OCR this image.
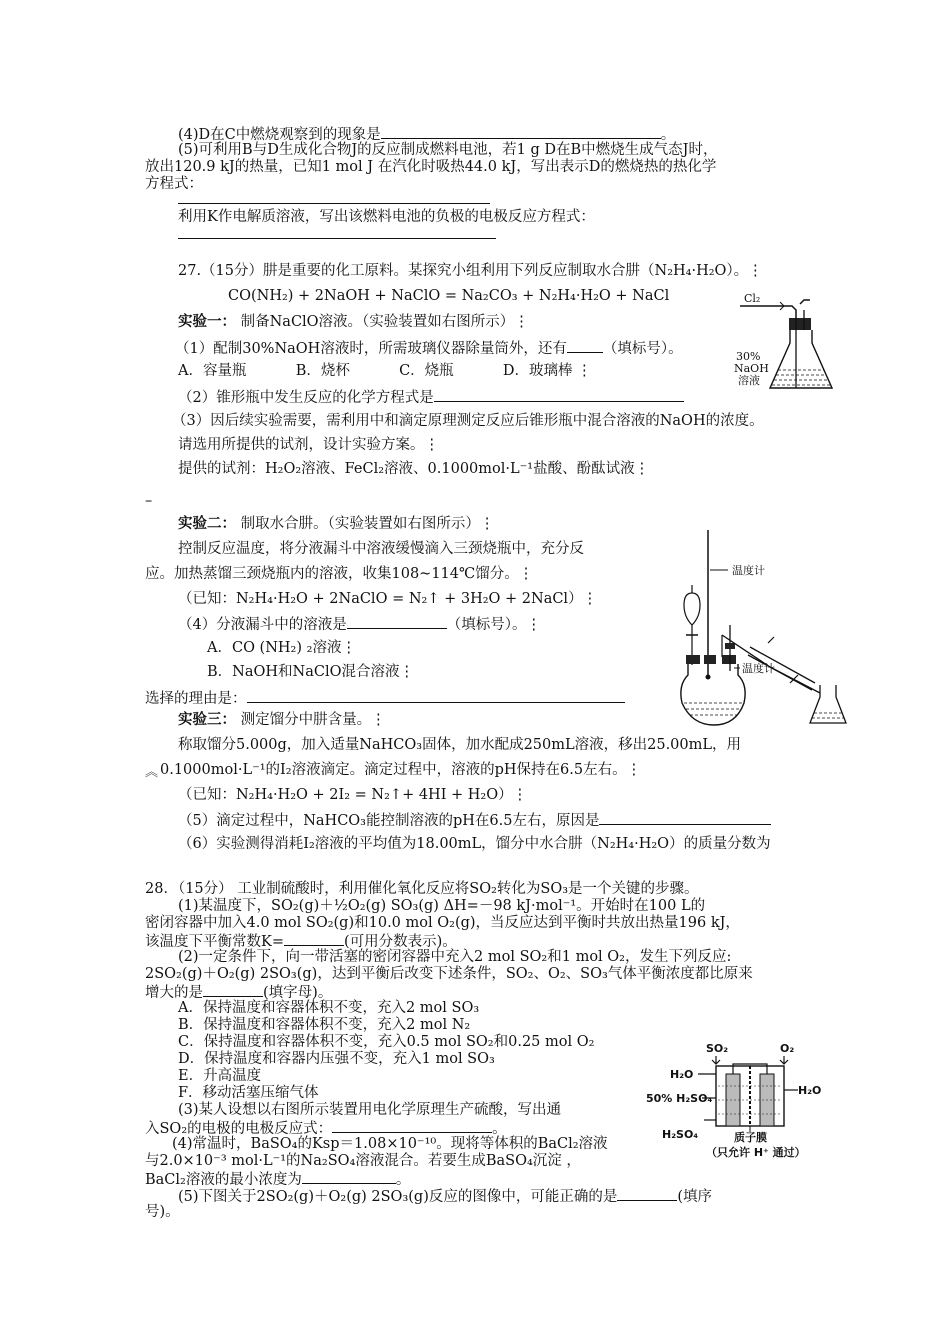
(4)D在C中燃烧观察到的现象是	。
(5)可利用B与D生成化合物J的反应制成燃料电池，若1 g D在B中燃烧生成气态J时，
放出120.9 kJ的热量，已知1 mol J 在汽化时吸热44.0 kJ，写出表示D的燃烧热的热化学
方程式：
利用K作电解质溶液，写出该燃料电池的负极的电极反应方程式：
27.（15分）肼是重要的化工原料。某探究小组利用下列反应制取水合肼（N₂H₄·H₂O）。⋮
CO(NH₂) + 2NaOH + NaClO = Na₂CO₃ + N₂H₄·H₂O + NaCl
实验一： 制备NaClO溶液。（实验装置如右图所示）⋮
（1）配制30%NaOH溶液时，所需玻璃仪器除量筒外，还有 （填标号）。
A．容量瓶	B．烧杯	C．烧瓶	D．玻璃棒 ⋮
（2）锥形瓶中发生反应的化学方程式是
（3）因后续实验需要，需利用中和滴定原理测定反应后锥形瓶中混合溶液的NaOH的浓度。
请选用所提供的试剂，设计实验方案。⋮
提供的试剂：H₂O₂溶液、FeCl₂溶液、0.1000mol·L⁻¹盐酸、酚酞试液⋮
–
实验二： 制取水合肼。（实验装置如右图所示）⋮
控制反应温度，将分液漏斗中溶液缓慢滴入三颈烧瓶中，充分反
应。加热蒸馏三颈烧瓶内的溶液，收集108~114℃馏分。⋮
（已知：N₂H₄·H₂O + 2NaClO = N₂↑ + 3H₂O + 2NaCl）⋮
（4）分液漏斗中的溶液是	（填标号）。⋮
A．CO (NH₂) ₂溶液⋮
B．NaOH和NaClO混合溶液⋮
选择的理由是：
实验三： 测定馏分中肼含量。⋮
称取馏分5.000g，加入适量NaHCO₃固体，加水配成250mL溶液，移出25.00mL，用
︽ 0.1000mol·L⁻¹的I₂溶液滴定。滴定过程中，溶液的pH保持在6.5左右。⋮
（已知：N₂H₄·H₂O + 2I₂ = N₂↑+ 4HI + H₂O）⋮
（5）滴定过程中，NaHCO₃能控制溶液的pH在6.5左右，原因是
（6）实验测得消耗I₂溶液的平均值为18.00mL，馏分中水合肼（N₂H₄·H₂O）的质量分数为
Cl₂
30%
NaOH
溶液
温度计
温度计
28．（15分） 工业制硫酸时，利用催化氧化反应将SO₂转化为SO₃是一个关键的步骤。
(1)某温度下，SO₂(g)＋½O₂(g) SO₃(g) ΔH=－98 kJ·mol⁻¹。开始时在100 L的
密闭容器中加入4.0 mol SO₂(g)和10.0 mol O₂(g)，当反应达到平衡时共放出热量196 kJ，
该温度下平衡常数K=	(可用分数表示)。
(2)一定条件下，向一带活塞的密闭容器中充入2 mol SO₂和1 mol O₂，发生下列反应:
2SO₂(g)＋O₂(g) 2SO₃(g)，达到平衡后改变下述条件，SO₂、O₂、SO₃气体平衡浓度都比原来
增大的是	(填字母)。
A．保持温度和容器体积不变，充入2 mol SO₃
B．保持温度和容器体积不变，充入2 mol N₂
C．保持温度和容器体积不变，充入0.5 mol SO₂和0.25 mol O₂
D．保持温度和容器内压强不变，充入1 mol SO₃
E．升高温度
F．移动活塞压缩气体
(3)某人设想以右图所示装置用电化学原理生产硫酸，写出通
入SO₂的电极的电极反应式：	。
(4)常温时，BaSO₄的Ksp＝1.08×10⁻¹⁰。现将等体积的BaCl₂溶液
与2.0×10⁻³ mol·L⁻¹的Na₂SO₄溶液混合。若要生成BaSO₄沉淀 ，
BaCl₂溶液的最小浓度为	。
(5)下图关于2SO₂(g)＋O₂(g) 2SO₃(g)反应的图像中，可能正确的是	(填序
号)。
SO₂	O₂
H₂O
H₂O
50% H₂SO₄
H₂SO₄	质子膜
（只允许 H⁺ 通过）
